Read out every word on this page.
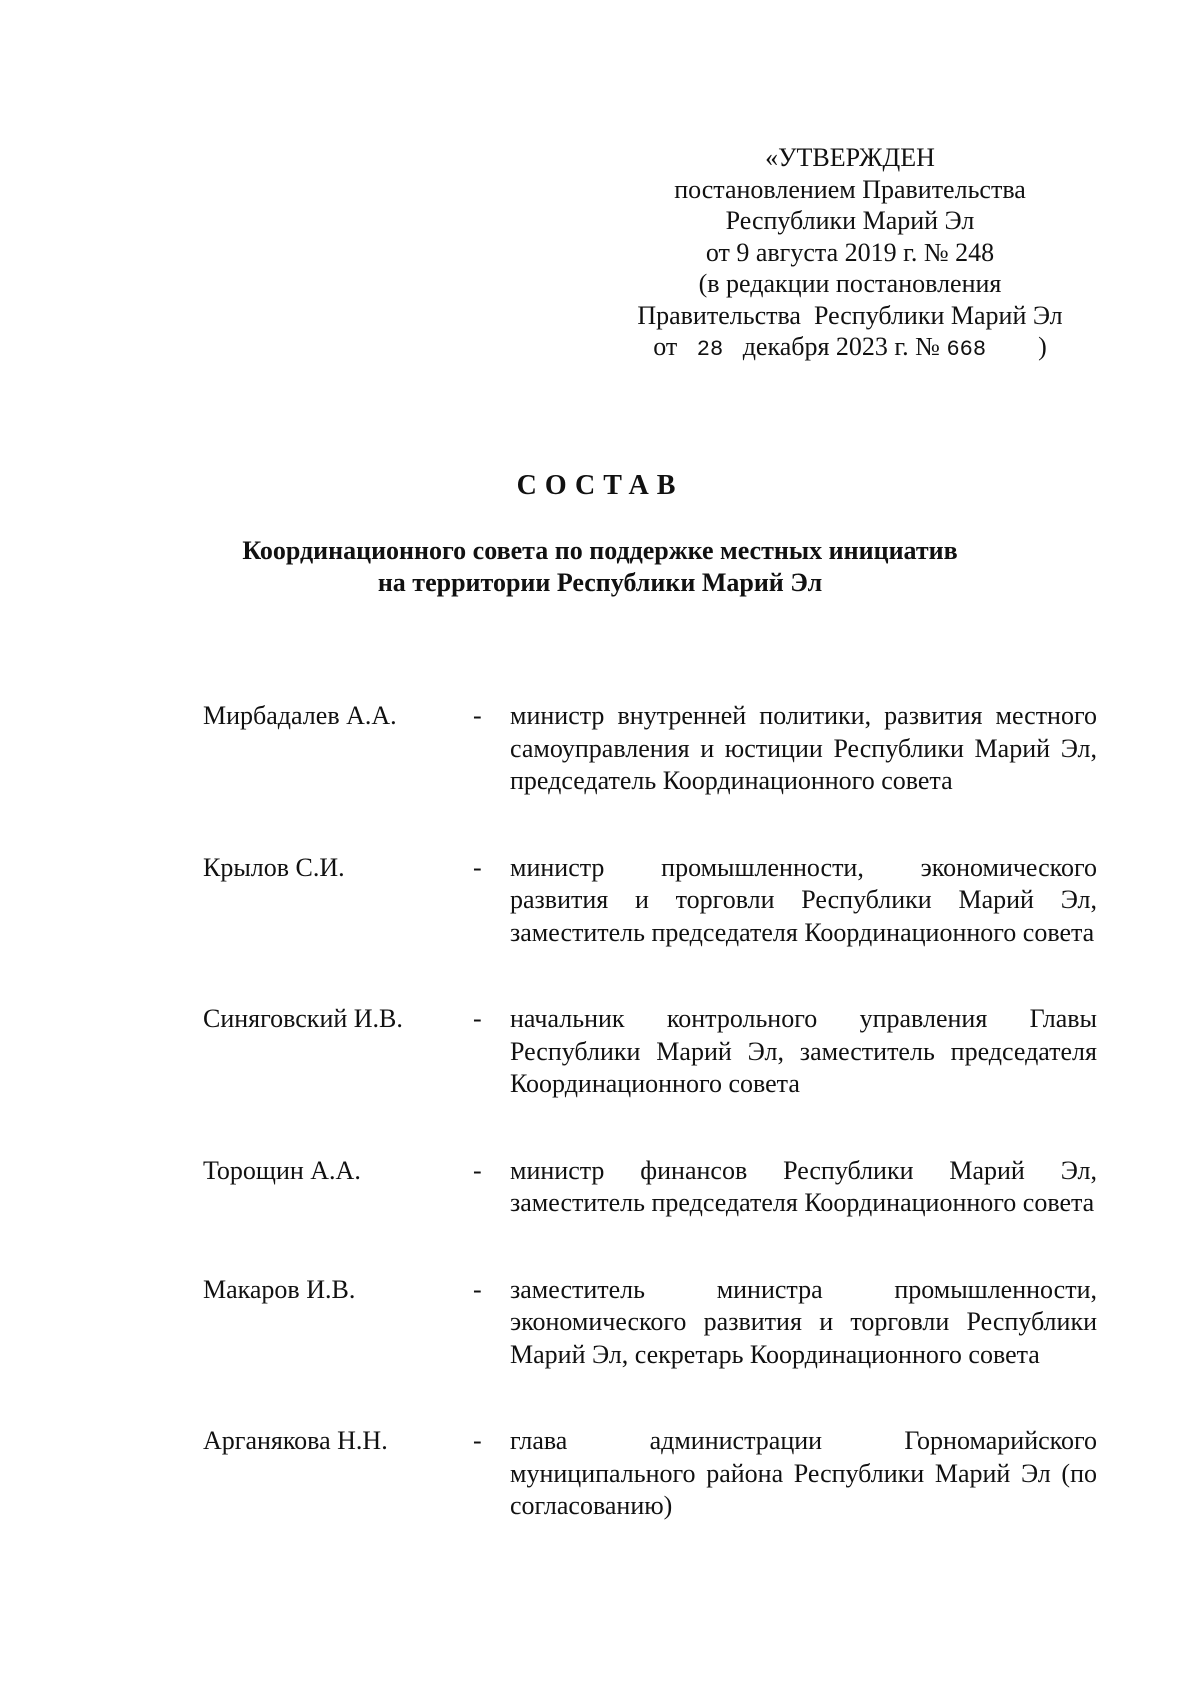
«УТВЕРЖДЕН
постановлением Правительства
Республики Марий Эл
от 9 августа 2019 г. № 248
(в редакции постановления
Правительства  Республики Марий Эл
от 28 декабря 2023 г. № 668 )
СОСТАВ
Координационного совета по поддержке местных инициатив
на территории Республики Марий Эл
Мирбадалев А.А.	-	министр внутренней политики, развития местного самоуправления и юстиции Республики Марий Эл, председатель Координационного совета
Крылов С.И.	-	министр промышленности, экономического развития и торговли Республики Марий Эл, заместитель председателя Координационного совета
Синяговский И.В.	-	начальник контрольного управления Главы Республики Марий Эл, заместитель председателя Координационного совета
Торощин А.А.	-	министр финансов Республики Марий Эл, заместитель председателя Координационного совета
Макаров И.В.	-	заместитель министра промышленности, экономического развития и торговли Республики Марий Эл, секретарь Координационного совета
Арганякова Н.Н.	-	глава администрации Горномарийского муниципального района Республики Марий Эл (по согласованию)
